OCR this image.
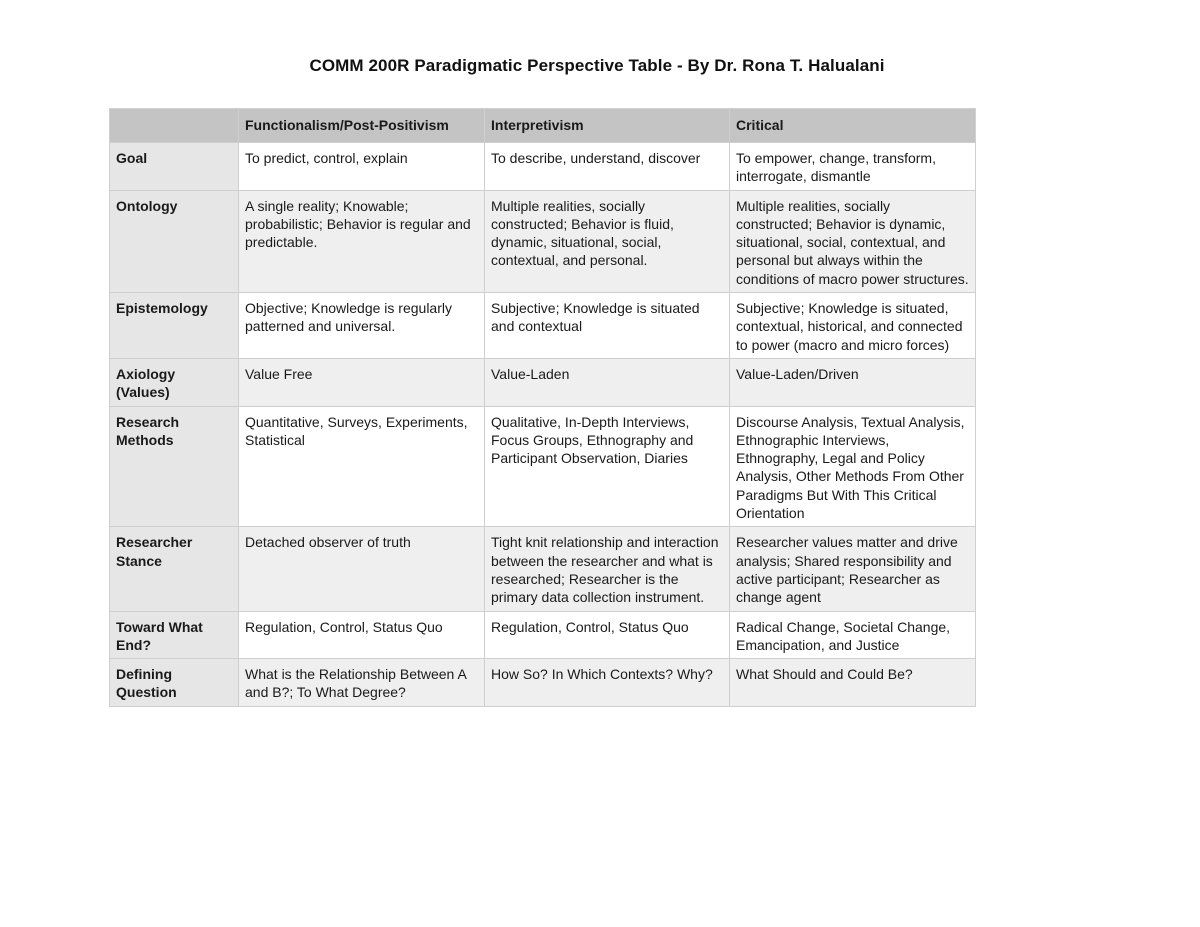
COMM 200R Paradigmatic Perspective Table - By Dr. Rona T. Halualani
	Functionalism/Post-Positivism	Interpretivism	Critical
Goal	To predict, control, explain	To describe, understand, discover	To empower, change, transform, interrogate, dismantle
Ontology	A single reality; Knowable; probabilistic; Behavior is regular and predictable.	Multiple realities, socially constructed; Behavior is fluid, dynamic, situational, social, contextual, and personal.	Multiple realities, socially constructed; Behavior is dynamic, situational, social, contextual, and personal but always within the conditions of macro power structures.
Epistemology	Objective; Knowledge is regularly patterned and universal.	Subjective; Knowledge is situated and contextual	Subjective; Knowledge is situated, contextual, historical, and connected to power (macro and micro forces)
Axiology (Values)	Value Free	Value-Laden	Value-Laden/Driven
Research Methods	Quantitative, Surveys, Experiments, Statistical	Qualitative, In-Depth Interviews, Focus Groups, Ethnography and Participant Observation, Diaries	Discourse Analysis, Textual Analysis, Ethnographic Interviews, Ethnography, Legal and Policy Analysis, Other Methods From Other Paradigms But With This Critical Orientation
Researcher Stance	Detached observer of truth	Tight knit relationship and interaction between the researcher and what is researched; Researcher is the primary data collection instrument.	Researcher values matter and drive analysis; Shared responsibility and active participant; Researcher as change agent
Toward What End?	Regulation, Control, Status Quo	Regulation, Control, Status Quo	Radical Change, Societal Change, Emancipation, and Justice
Defining Question	What is the Relationship Between A and B?; To What Degree?	How So? In Which Contexts? Why?	What Should and Could Be?
